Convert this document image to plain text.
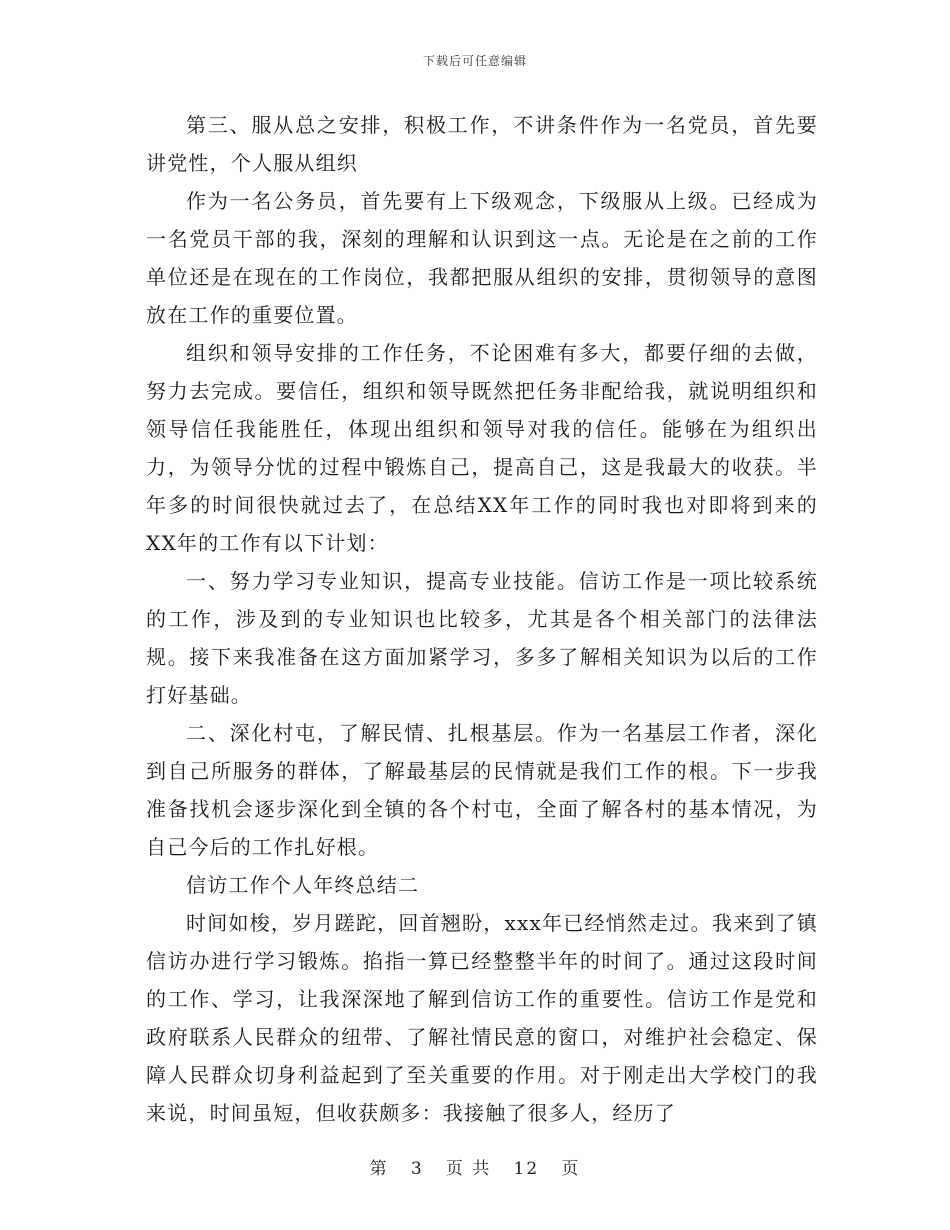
下载后可任意编辑

第三、服从总之安排，积极工作，不讲条件作为一名党员，首先要讲党性，个人服从组织

作为一名公务员，首先要有上下级观念，下级服从上级。已经成为一名党员干部的我，深刻的理解和认识到这一点。无论是在之前的工作单位还是在现在的工作岗位，我都把服从组织的安排，贯彻领导的意图放在工作的重要位置。

组织和领导安排的工作任务，不论困难有多大，都要仔细的去做，努力去完成。要信任，组织和领导既然把任务非配给我，就说明组织和领导信任我能胜任，体现出组织和领导对我的信任。能够在为组织出力，为领导分忧的过程中锻炼自己，提高自己，这是我最大的收获。半年多的时间很快就过去了，在总结XX年工作的同时我也对即将到来的XX年的工作有以下计划：

一、努力学习专业知识，提高专业技能。信访工作是一项比较系统的工作，涉及到的专业知识也比较多，尤其是各个相关部门的法律法规。接下来我准备在这方面加紧学习，多多了解相关知识为以后的工作打好基础。

二、深化村屯，了解民情、扎根基层。作为一名基层工作者，深化到自己所服务的群体，了解最基层的民情就是我们工作的根。下一步我准备找机会逐步深化到全镇的各个村屯，全面了解各村的基本情况，为自己今后的工作扎好根。

信访工作个人年终总结二

时间如梭，岁月蹉跎，回首翘盼，xxx年已经悄然走过。我来到了镇信访办进行学习锻炼。掐指一算已经整整半年的时间了。通过这段时间的工作、学习，让我深深地了解到信访工作的重要性。信访工作是党和政府联系人民群众的纽带、了解社情民意的窗口，对维护社会稳定、保障人民群众切身利益起到了至关重要的作用。对于刚走出大学校门的我来说，时间虽短，但收获颇多：我接触了很多人，经历了

第 3 页 共 12 页
